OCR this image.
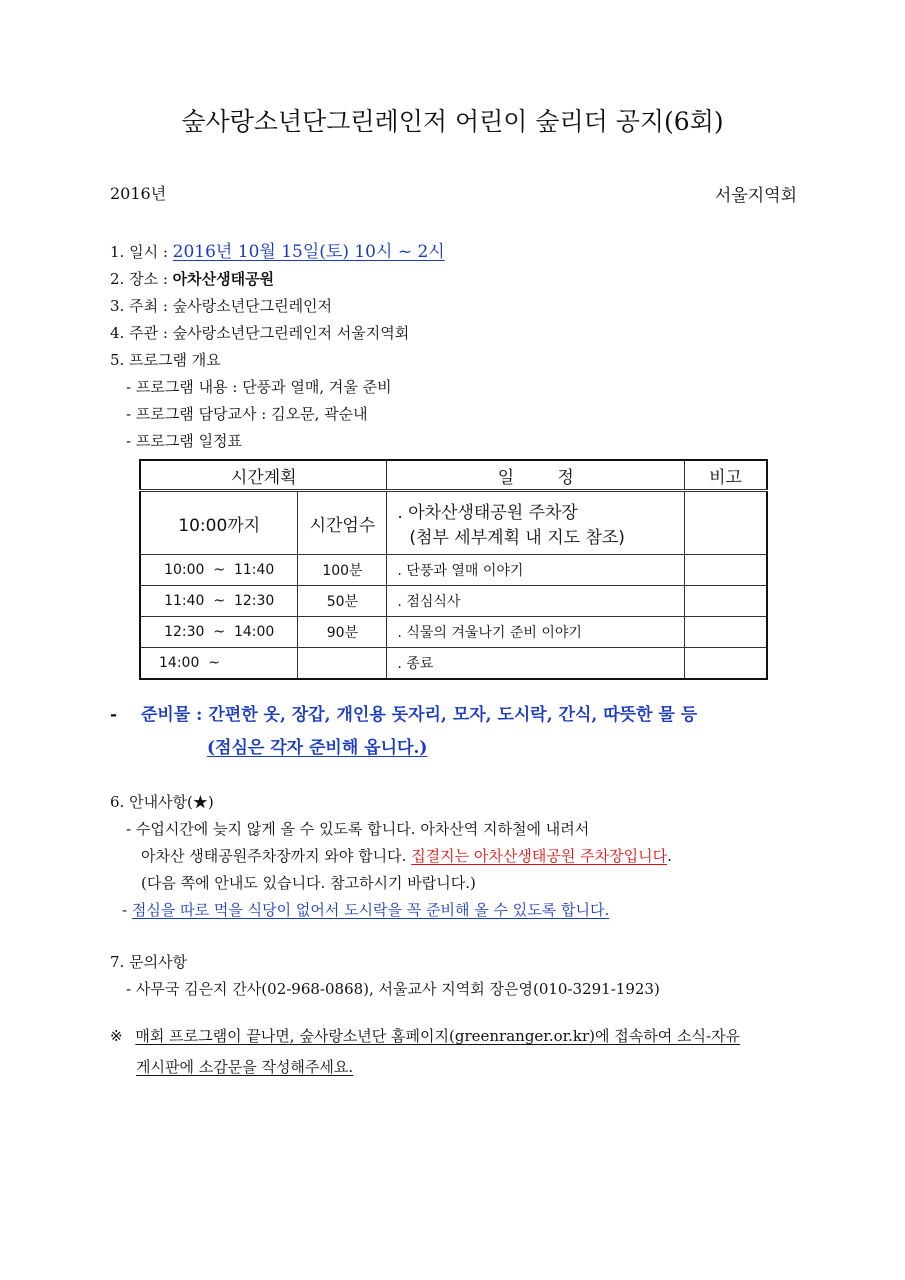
숲사랑소년단그린레인저 어린이 숲리더 공지(6회)
2016년	서울지역회
1. 일시 : 2016년 10월 15일(토) 10시 ~ 2시
2. 장소 : 아차산생태공원
3. 주최 : 숲사랑소년단그린레인저
4. 주관 : 숲사랑소년단그린레인저 서울지역회
5. 프로그램 개요
- 프로그램 내용 : 단풍과 열매, 겨울 준비
- 프로그램 담당교사 : 김오문, 곽순내
- 프로그램 일정표
시간계획		일        정	비고
10:00까지	시간엄수	. 아차산생태공원 주차장
(첨부 세부계획 내 지도 참조)	

10:00  ~  11:40	100분	. 단풍과 열매 이야기	
11:40  ~  12:30	50분	. 점심식사	
12:30  ~  14:00	90분	. 식물의 겨울나기 준비 이야기	
14:00  ~		. 종료	
- 준비물 : 간편한 옷, 장갑, 개인용 돗자리, 모자, 도시락, 간식, 따뜻한 물 등
(점심은 각자 준비해 옵니다.)
6. 안내사항(★)
- 수업시간에 늦지 않게 올 수 있도록 합니다. 아차산역 지하철에 내려서
아차산 생태공원주차장까지 와야 합니다. 집결지는 아차산생태공원 주차장입니다.
(다음 쪽에 안내도 있습니다. 참고하시기 바랍니다.)
- 점심을 따로 먹을 식당이 없어서 도시락을 꼭 준비해 올 수 있도록 합니다.
7. 문의사항
- 사무국 김은지 간사(02-968-0868), 서울교사 지역회 장은영(010-3291-1923)
※ 매회 프로그램이 끝나면, 숲사랑소년단 홈페이지(greenranger.or.kr)에 접속하여 소식-자유
게시판에 소감문을 작성해주세요.
